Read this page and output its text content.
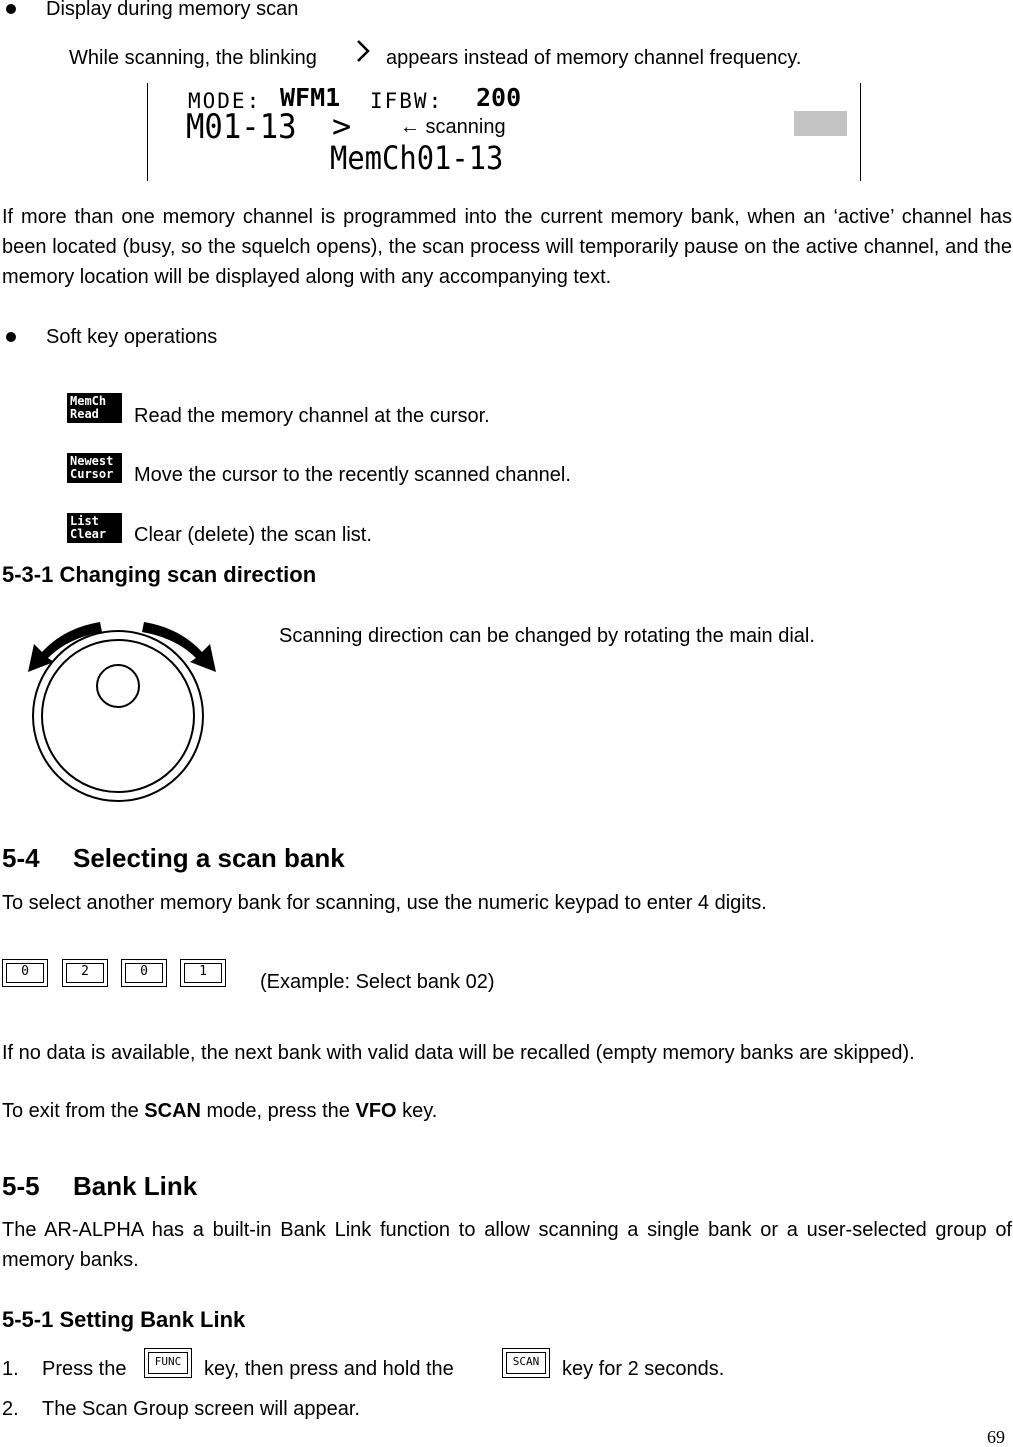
Display during memory scan
While scanning, the blinking	appears instead of memory channel frequency.
MODE: WFM1 IFBW: 200
M01-13 > ← scanning
MemCh01-13
If more than one memory channel is programmed into the current memory bank, when an ‘active’ channel has been located (busy, so the squelch opens), the scan process will temporarily pause on the active channel, and the memory location will be displayed along with any accompanying text.
Soft key operations
MemCh
Read	Read the memory channel at the cursor.
Newest
Cursor	Move the cursor to the recently scanned channel.
List
Clear	Clear (delete) the scan list.
5-3-1 Changing scan direction
Scanning direction can be changed by rotating the main dial.
5-4 Selecting a scan bank
To select another memory bank for scanning, use the numeric keypad to enter 4 digits.
0	2	0	1	(Example: Select bank 02)
If no data is available, the next bank with valid data will be recalled (empty memory banks are skipped).
To exit from the SCAN mode, press the VFO key.
5-5 Bank Link
The AR-ALPHA has a built-in Bank Link function to allow scanning a single bank or a user-selected group of memory banks.
5-5-1 Setting Bank Link
1. Press the	FUNC	key, then press and hold the	SCAN	key for 2 seconds.
2. The Scan Group screen will appear.
69
